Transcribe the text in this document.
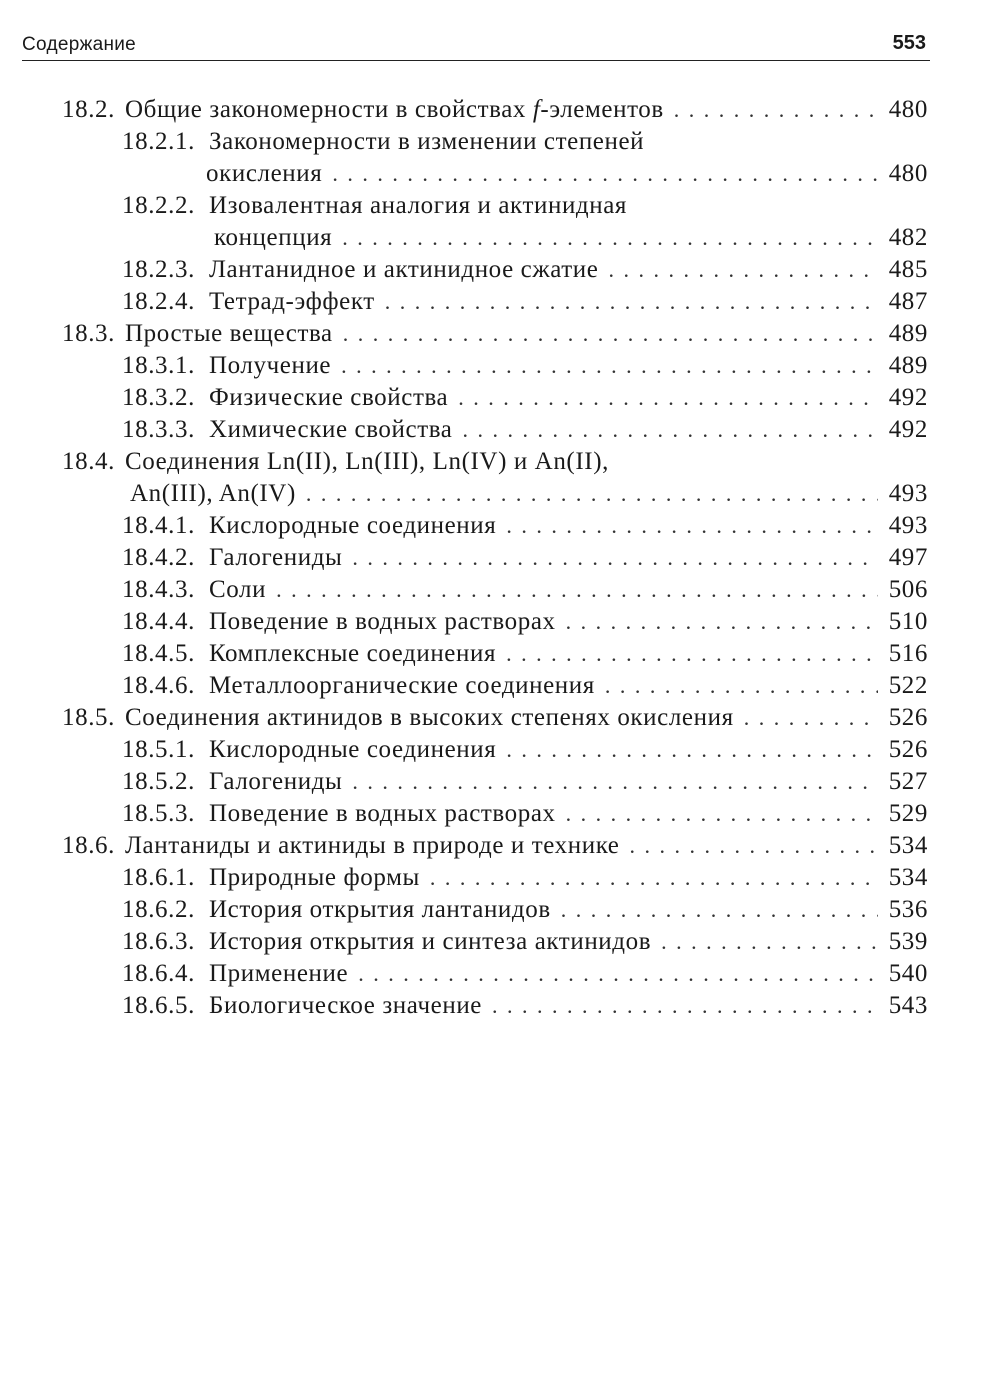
Содержание	553
18.2. Общие закономерности в свойствах f-элементов . . .	480
18.2.1. Закономерности в изменении степеней
окисления . . .	480
18.2.2. Изовалентная аналогия и актинидная
концепция . . .	482
18.2.3. Лантанидное и актинидное сжатие . . .	485
18.2.4. Тетрад-эффект . . .	487
18.3. Простые вещества . . .	489
18.3.1. Получение . . .	489
18.3.2. Физические свойства . . .	492
18.3.3. Химические свойства . . .	492
18.4. Соединения Ln(II), Ln(III), Ln(IV) и An(II),
An(III), An(IV) . . .	493
18.4.1. Кислородные соединения . . .	493
18.4.2. Галогениды . . .	497
18.4.3. Соли . . .	506
18.4.4. Поведение в водных растворах . . .	510
18.4.5. Комплексные соединения . . .	516
18.4.6. Металлоорганические соединения . . .	522
18.5. Соединения актинидов в высоких степенях окисления . . .	526
18.5.1. Кислородные соединения . . .	526
18.5.2. Галогениды . . .	527
18.5.3. Поведение в водных растворах . . .	529
18.6. Лантаниды и актиниды в природе и технике . . .	534
18.6.1. Природные формы . . .	534
18.6.2. История открытия лантанидов . . .	536
18.6.3. История открытия и синтеза актинидов . . .	539
18.6.4. Применение . . .	540
18.6.5. Биологическое значение . . .	543
